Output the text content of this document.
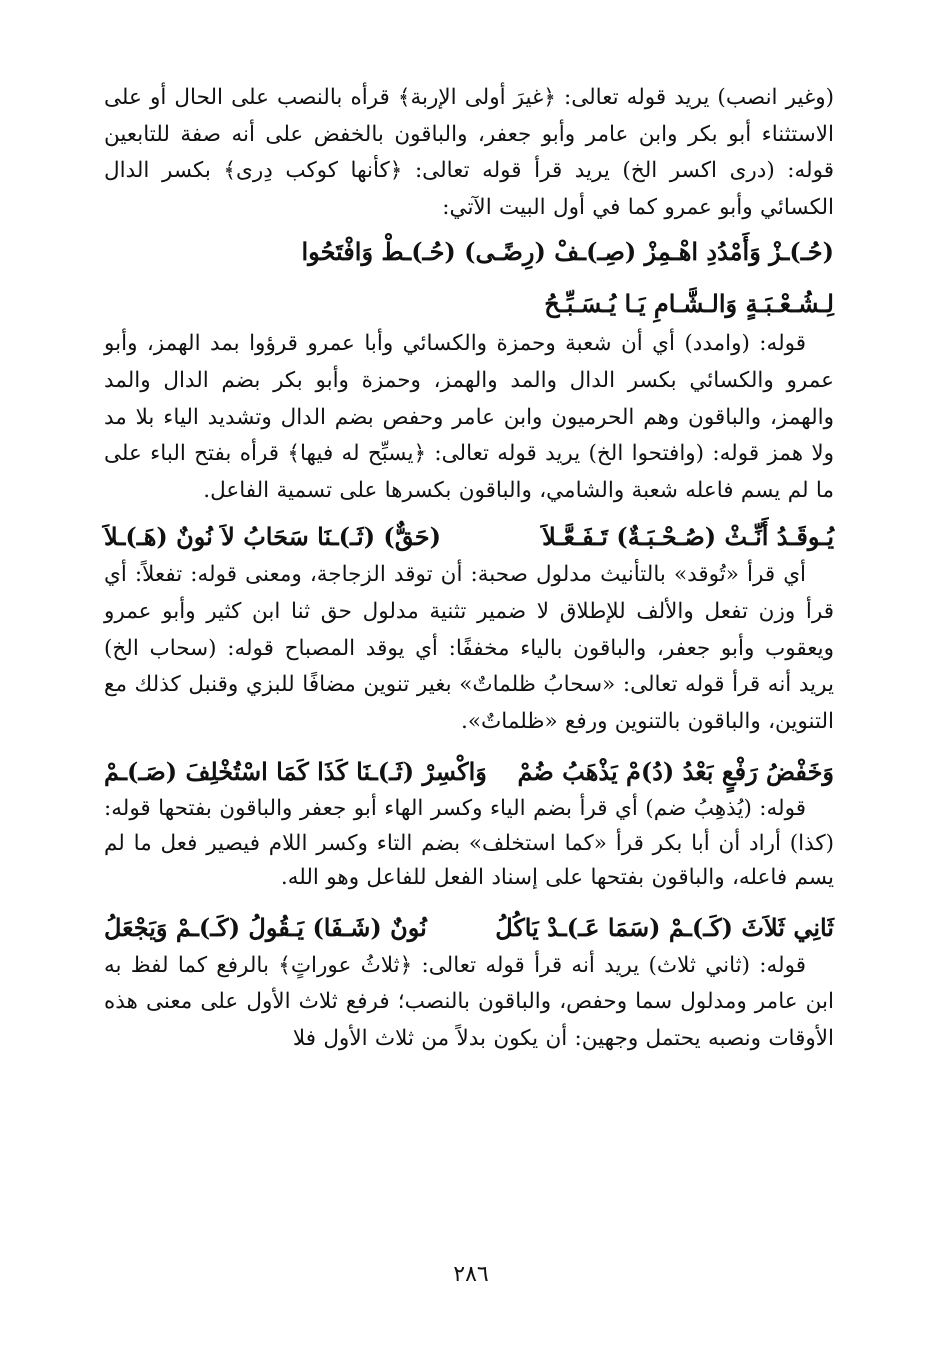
(وغير انصب) يريد قوله تعالى: ﴿غيرَ أولى الإربة﴾ قرأه بالنصب على الحال أو على الاستثناء أبو بكر وابن عامر وأبو جعفر، والباقون بالخفض على أنه صفة للتابعين قوله: (درى اكسر الخ) يريد قرأ قوله تعالى: ﴿كأنها كوكب دِرى﴾ بكسر الدال الكسائي وأبو عمرو كما في أول البيت الآتي:

(حُـ)ـزْ وَأَمْدُدِ اهْـمِزْ (صِـ)ـفْ (رِضًـى) (حُـ)ـطْ وَافْتَحُوا

لِـشُـعْـبَـةٍ وَالـشَّـامِ يَـا يُـسَـبِّـحُ

قوله: (وامدد) أي أن شعبة وحمزة والكسائي وأبا عمرو قرؤوا بمد الهمز، وأبو عمرو والكسائي بكسر الدال والمد والهمز، وحمزة وأبو بكر بضم الدال والمد والهمز، والباقون وهم الحرميون وابن عامر وحفص بضم الدال وتشديد الياء بلا مد ولا همز قوله: (وافتحوا الخ) يريد قوله تعالى: ﴿يسبِّح له فيها﴾ قرأه بفتح الباء على ما لم يسم فاعله شعبة والشامي، والباقون بكسرها على تسمية الفاعل.

يُـوقَـدُ أَنِّـثْ (صُـحْـبَـةٌ) تَـفَـعَّـلاَ
(حَقٌّ) (ثَـ)ـنَا سَحَابُ لاَ نُونٌ (هَـ)ـلاَ

أي قرأ «تُوقد» بالتأنيث مدلول صحبة: أن توقد الزجاجة، ومعنى قوله: تفعلاً: أي قرأ وزن تفعل والألف للإطلاق لا ضمير تثنية مدلول حق ثنا ابن كثير وأبو عمرو ويعقوب وأبو جعفر، والباقون بالياء مخففًا: أي يوقد المصباح قوله: (سحاب الخ) يريد أنه قرأ قوله تعالى: «سحابُ ظلماتٌ» بغير تنوين مضافًا للبزي وقنبل كذلك مع التنوين، والباقون بالتنوين ورفع «ظلماتٌ».

وَخَفْضُ رَفْعٍ بَعْدُ (دُ)مْ يَذْهَبُ ضُمْ
وَاكْسِرْ (ثَـ)ـنَا كَذَا كَمَا اسْتُخْلِفَ (صَـ)ـمْ

قوله: (يُذهِبُ ضم) أي قرأ بضم الياء وكسر الهاء أبو جعفر والباقون بفتحها قوله: (كذا) أراد أن أبا بكر قرأ «كما استخلف» بضم التاء وكسر اللام فيصير فعل ما لم يسم فاعله، والباقون بفتحها على إسناد الفعل للفاعل وهو الله.

ثَانِي ثَلاَثَ (كَـ)ـمْ (سَمَا عَـ)ـدْ يَاكُلُ
نُونٌ (شَـفَا) يَـقُولُ (كَـ)ـمْ وَيَجْعَلُ

قوله: (ثاني ثلاث) يريد أنه قرأ قوله تعالى: ﴿ثلاثُ عوراتٍ﴾ بالرفع كما لفظ به ابن عامر ومدلول سما وحفص، والباقون بالنصب؛ فرفع ثلاث الأول على معنى هذه الأوقات ونصبه يحتمل وجهين: أن يكون بدلاً من ثلاث الأول فلا

٢٨٦
